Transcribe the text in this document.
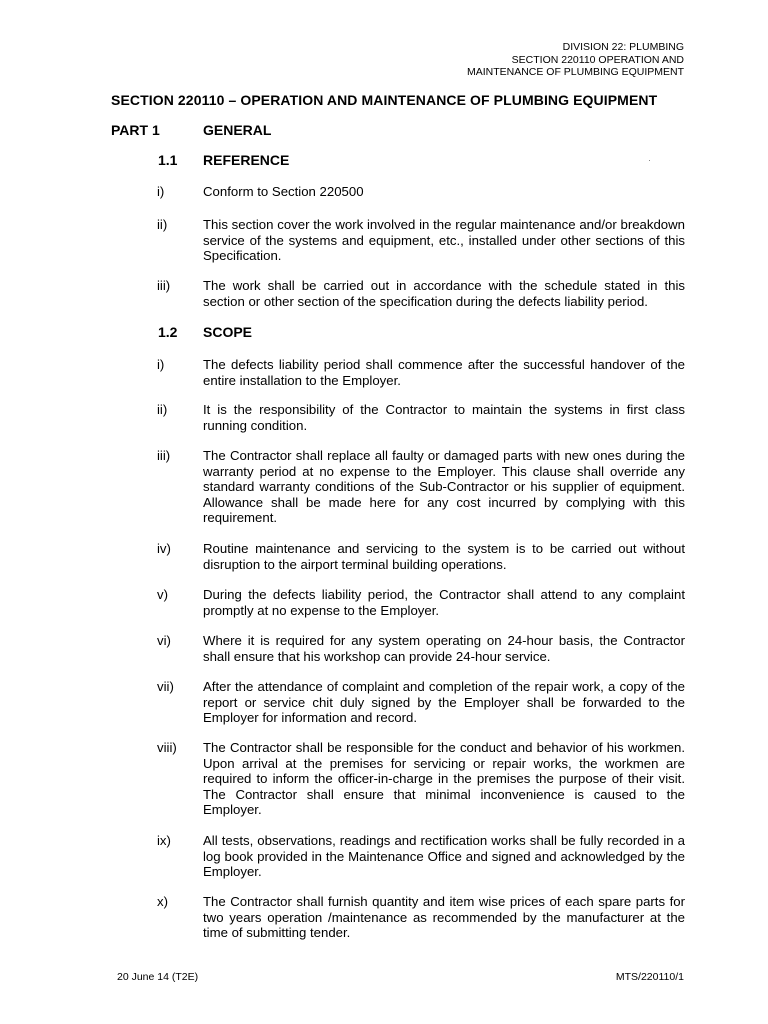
DIVISION 22: PLUMBING
SECTION 220110 OPERATION AND
MAINTENANCE OF PLUMBING EQUIPMENT
SECTION 220110 – OPERATION AND MAINTENANCE OF PLUMBING EQUIPMENT
PART 1	GENERAL
1.1 REFERENCE
i)	Conform to Section 220500
ii)	This section cover the work involved in the regular maintenance and/or breakdown service of the systems and equipment, etc., installed under other sections of this Specification.
iii) The work shall be carried out in accordance with the schedule stated in this section or other section of the specification during the defects liability period.
1.2 SCOPE
i)	The defects liability period shall commence after the successful handover of the entire installation to the Employer.
ii)	It is the responsibility of the Contractor to maintain the systems in first class running condition.
iii) The Contractor shall replace all faulty or damaged parts with new ones during the warranty period at no expense to the Employer. This clause shall override any standard warranty conditions of the Sub-Contractor or his supplier of equipment. Allowance shall be made here for any cost incurred by complying with this requirement.
iv) Routine maintenance and servicing to the system is to be carried out without disruption to the airport terminal building operations.
v)	During the defects liability period, the Contractor shall attend to any complaint promptly at no expense to the Employer.
vi) Where it is required for any system operating on 24-hour basis, the Contractor shall ensure that his workshop can provide 24-hour service.
vii) After the attendance of complaint and completion of the repair work, a copy of the report or service chit duly signed by the Employer shall be forwarded to the Employer for information and record.
viii) The Contractor shall be responsible for the conduct and behavior of his workmen. Upon arrival at the premises for servicing or repair works, the workmen are required to inform the officer-in-charge in the premises the purpose of their visit. The Contractor shall ensure that minimal inconvenience is caused to the Employer.
ix) All tests, observations, readings and rectification works shall be fully recorded in a log book provided in the Maintenance Office and signed and acknowledged by the Employer.
x)	The Contractor shall furnish quantity and item wise prices of each spare parts for two years operation /maintenance as recommended by the manufacturer at the time of submitting tender.
20 June 14 (T2E)	MTS/220110/1
